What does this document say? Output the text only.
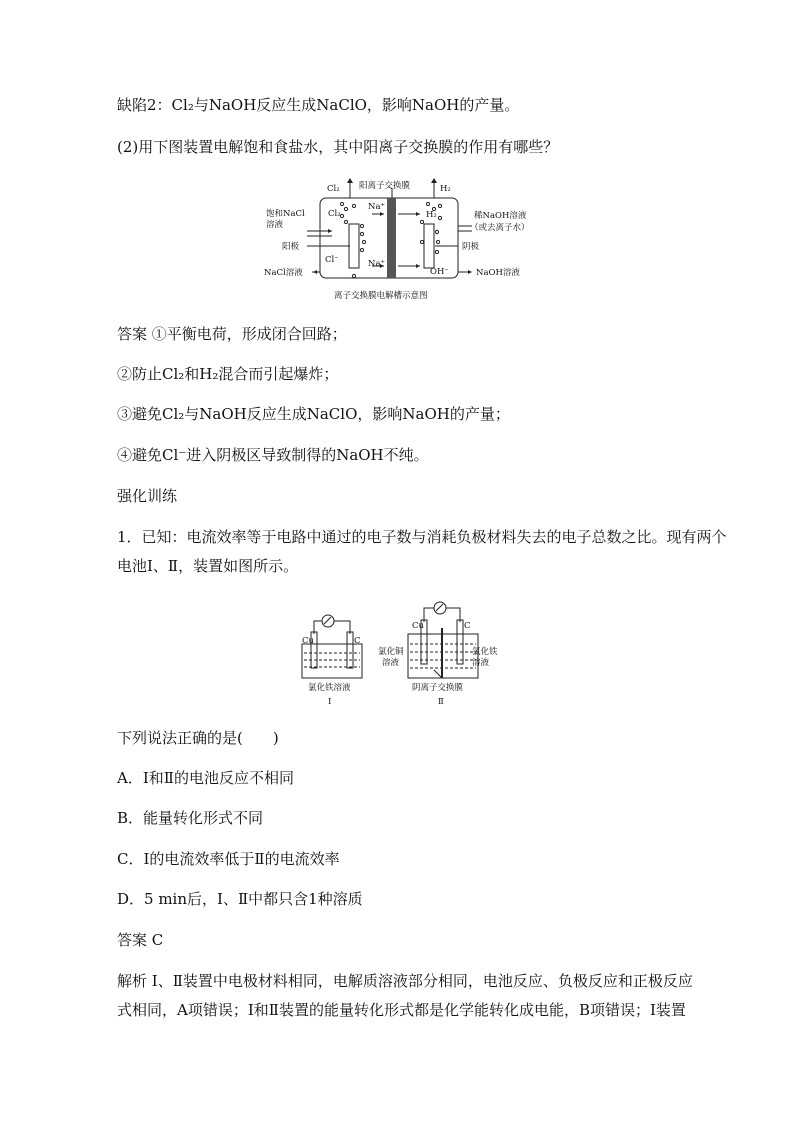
缺陷2：Cl₂与NaOH反应生成NaClO，影响NaOH的产量。
(2)用下图装置电解饱和食盐水，其中阳离子交换膜的作用有哪些？
Cl₂ 阳离子交换膜	H₂
饱和NaCl
溶液
Cl₂
Na⁺
H₂	稀NaOH溶液
（或去离子水）
阳极	阴极
Cl⁻	Na⁺
OH⁻
NaCl溶液	NaOH溶液
离子交换膜电解槽示意图
答案 ①平衡电荷，形成闭合回路；
②防止Cl₂和H₂混合而引起爆炸；
③避免Cl₂与NaOH反应生成NaClO，影响NaOH的产量；
④避免Cl⁻进入阴极区导致制得的NaOH不纯。
强化训练
1．已知：电流效率等于电路中通过的电子数与消耗负极材料失去的电子总数之比。现有两个
电池Ⅰ、Ⅱ，装置如图所示。
Cu	C
氯化铁溶液
Ⅰ
Cu	C
氯化铜
溶液
氯化铁
溶液
阴离子交换膜
Ⅱ
下列说法正确的是(　　)
A．Ⅰ和Ⅱ的电池反应不相同
B．能量转化形式不同
C．Ⅰ的电流效率低于Ⅱ的电流效率
D．5 min后，Ⅰ、Ⅱ中都只含1种溶质
答案 C
解析 Ⅰ、Ⅱ装置中电极材料相同，电解质溶液部分相同，电池反应、负极反应和正极反应
式相同，A项错误；Ⅰ和Ⅱ装置的能量转化形式都是化学能转化成电能，B项错误；Ⅰ装置
